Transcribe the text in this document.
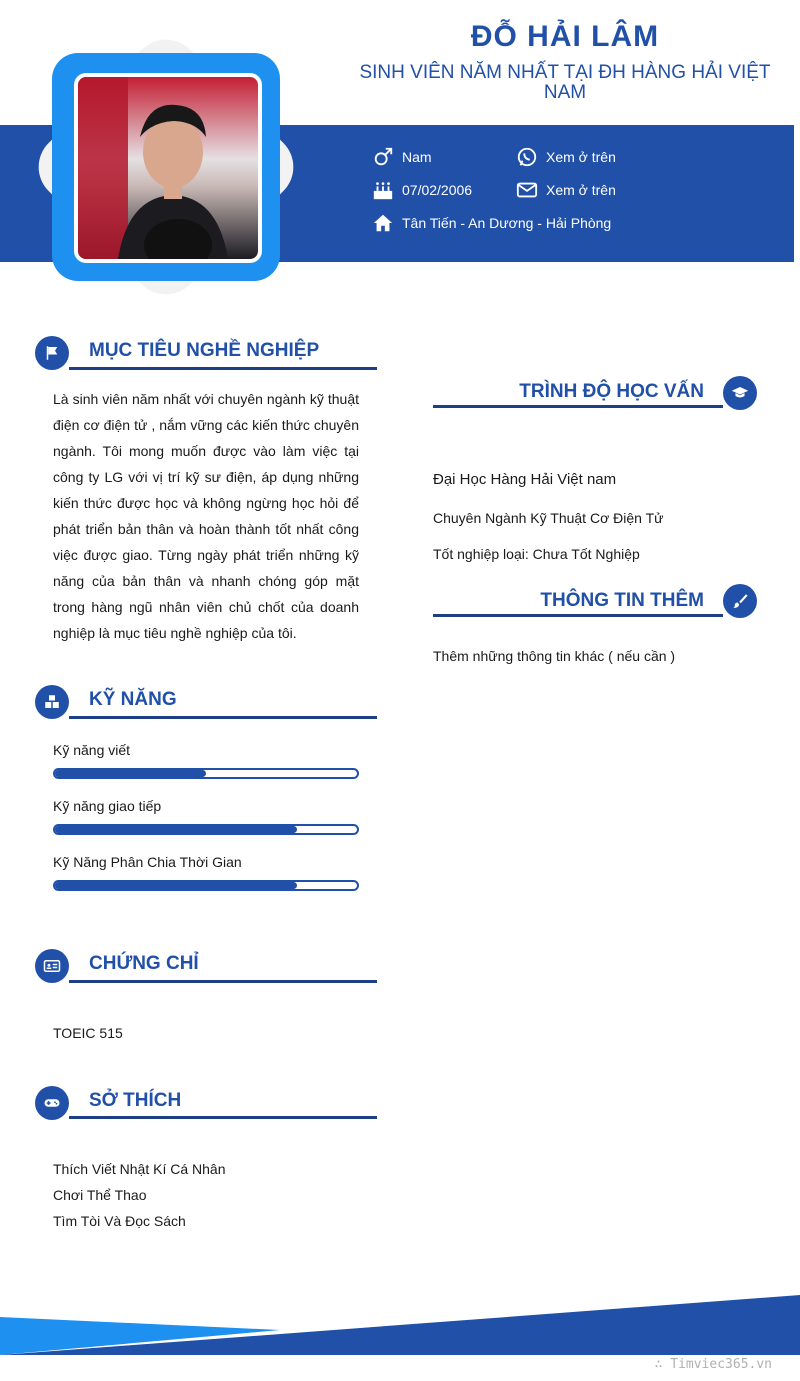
ĐỖ HẢI LÂM
SINH VIÊN NĂM NHẤT TẠI ĐH HÀNG HẢI VIỆT NAM
Nam	Xem ở trên
07/02/2006	Xem ở trên
Tân Tiến - An Dương - Hải Phòng
MỤC TIÊU NGHỀ NGHIỆP
Là sinh viên năm nhất với chuyên ngành kỹ thuật điện cơ điện tử , nắm vững các kiến thức chuyên ngành. Tôi mong muốn được vào làm việc tại công ty LG với vị trí kỹ sư điện, áp dụng những kiến thức được học và không ngừng học hỏi để phát triển bản thân và hoàn thành tốt nhất công việc được giao. Từng ngày phát triển những kỹ năng của bản thân và nhanh chóng góp mặt trong hàng ngũ nhân viên chủ chốt của doanh nghiệp là mục tiêu nghề nghiệp của tôi.
KỸ NĂNG
Kỹ năng viết
Kỹ năng giao tiếp
Kỹ Năng Phân Chia Thời Gian
CHỨNG CHỈ
TOEIC 515
SỞ THÍCH
Thích Viết Nhật Kí Cá Nhân
Chơi Thể Thao
Tìm Tòi Và Đọc Sách
TRÌNH ĐỘ HỌC VẤN
Đại Học Hàng Hải Việt nam
Chuyên Ngành Kỹ Thuật Cơ Điện Tử
Tốt nghiệp loại: Chưa Tốt Nghiệp
THÔNG TIN THÊM
Thêm những thông tin khác ( nếu cần )
∴ Timviec365.vn
